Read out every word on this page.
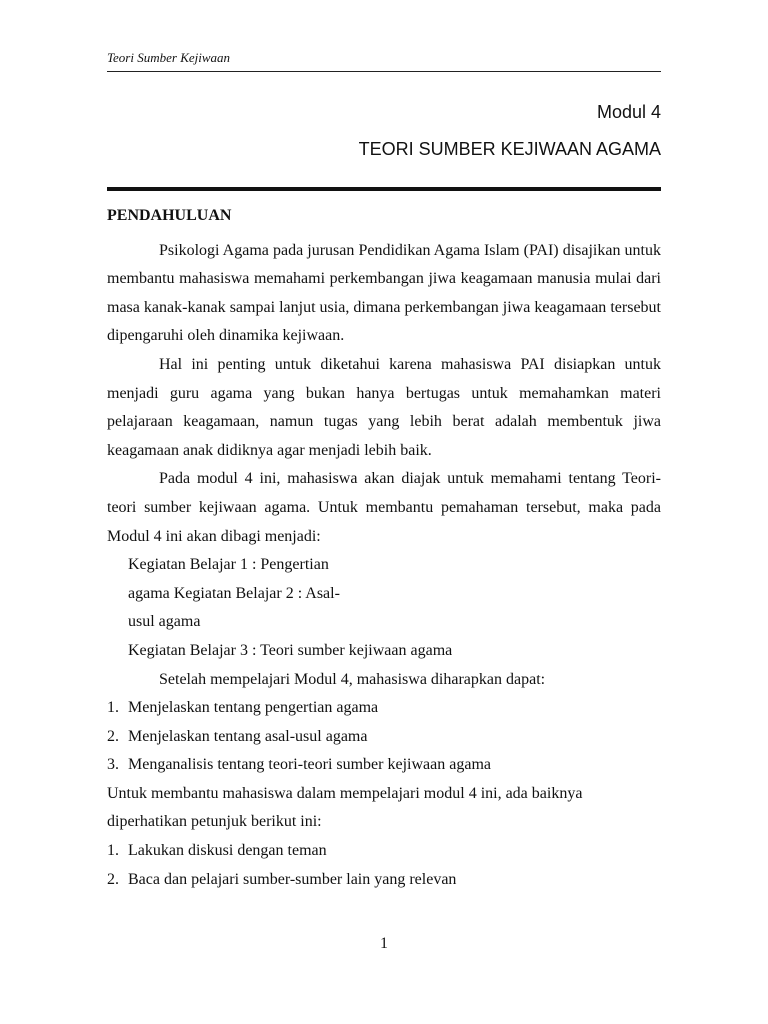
Teori Sumber Kejiwaan
Modul 4
TEORI SUMBER KEJIWAAN AGAMA

PENDAHULUAN

Psikologi Agama pada jurusan Pendidikan Agama Islam (PAI) disajikan untuk membantu mahasiswa memahami perkembangan jiwa keagamaan manusia mulai dari masa kanak-kanak sampai lanjut usia, dimana perkembangan jiwa keagamaan tersebut dipengaruhi oleh dinamika kejiwaan.

Hal ini penting untuk diketahui karena mahasiswa PAI disiapkan untuk menjadi guru agama yang bukan hanya bertugas untuk memahamkan materi pelajaraan keagamaan, namun tugas yang lebih berat adalah membentuk jiwa keagamaan anak didiknya agar menjadi lebih baik.

Pada modul 4 ini, mahasiswa akan diajak untuk memahami tentang Teori-teori sumber kejiwaan agama. Untuk membantu pemahaman tersebut, maka pada Modul 4 ini akan dibagi menjadi:

Kegiatan Belajar 1 : Pengertian

agama Kegiatan Belajar 2 : Asal-

usul agama

Kegiatan Belajar 3 : Teori sumber kejiwaan agama

Setelah mempelajari Modul 4, mahasiswa diharapkan dapat:

1. Menjelaskan tentang pengertian agama
2. Menjelaskan tentang asal-usul agama
3. Menganalisis tentang teori-teori sumber kejiwaan agama

Untuk membantu mahasiswa dalam mempelajari modul 4 ini, ada baiknya

diperhatikan petunjuk berikut ini:

1. Lakukan diskusi dengan teman
2. Baca dan pelajari sumber-sumber lain yang relevan
1
